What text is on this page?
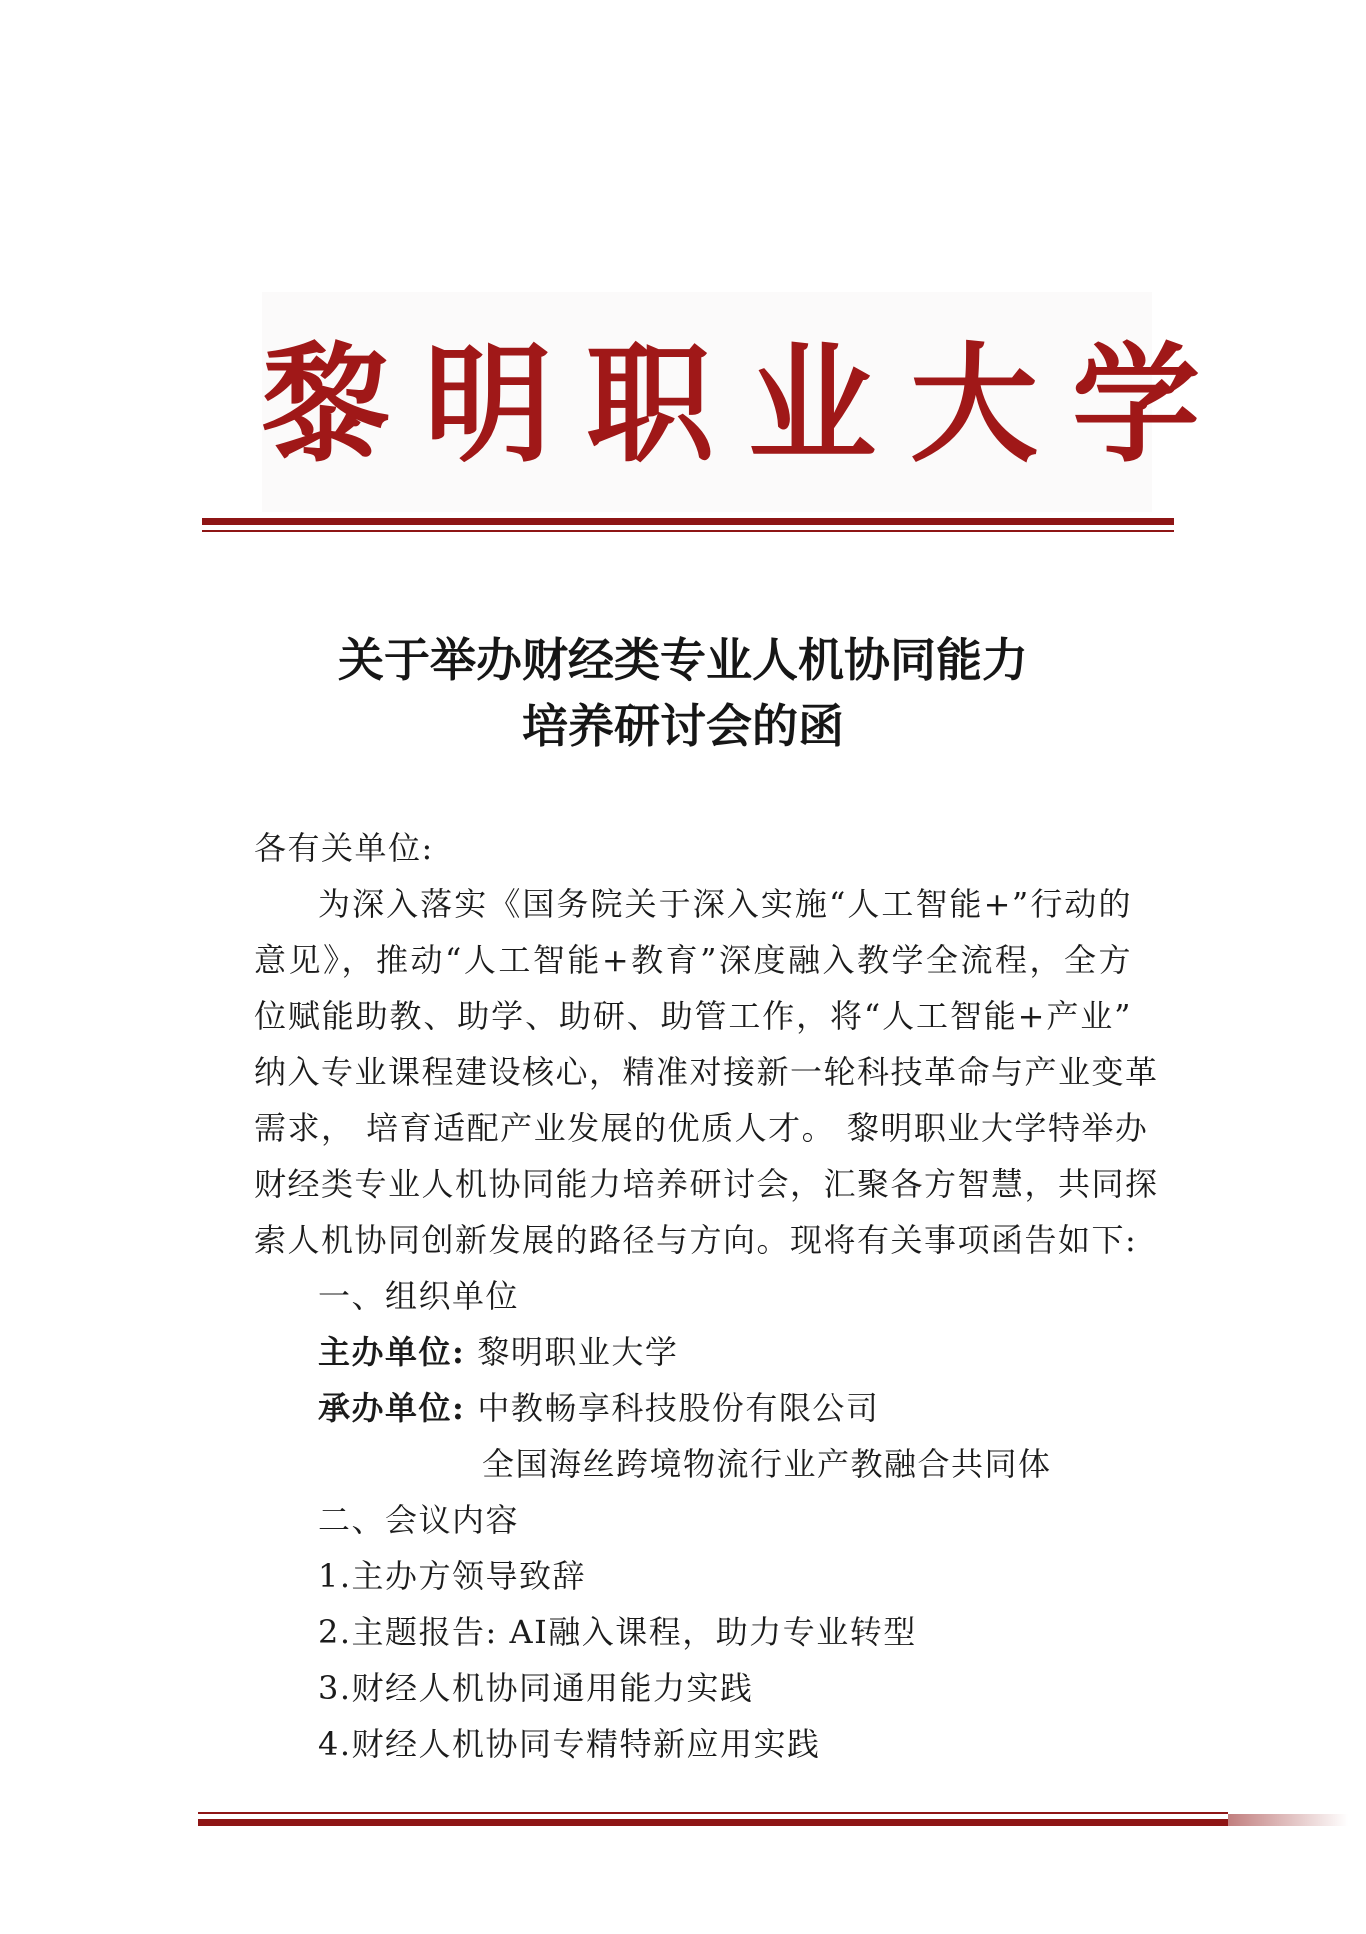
黎明职业大学
关于举办财经类专业人机协同能力
培养研讨会的函
各有关单位:
为深入落实《国务院关于深入实施“人工智能+”行动的
意见》，推动“人工智能+教育”深度融入教学全流程，全方
位赋能助教、助学、助研、助管工作，将“人工智能+产业”
纳入专业课程建设核心，精准对接新一轮科技革命与产业变革
需求， 培育适配产业发展的优质人才。 黎明职业大学特举办
财经类专业人机协同能力培养研讨会，汇聚各方智慧，共同探
索人机协同创新发展的路径与方向。现将有关事项函告如下:
一、组织单位
主办单位: 黎明职业大学
承办单位: 中教畅享科技股份有限公司
全国海丝跨境物流行业产教融合共同体
二、会议内容
1.主办方领导致辞
2.主题报告: AI融入课程，助力专业转型
3.财经人机协同通用能力实践
4.财经人机协同专精特新应用实践
